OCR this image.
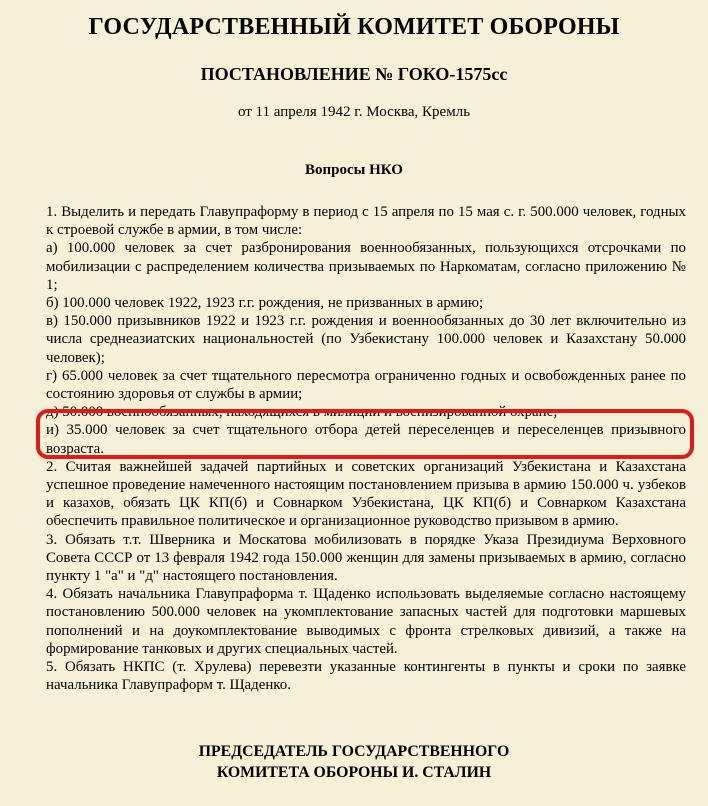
ГОСУДАРСТВЕННЫЙ КОМИТЕТ ОБОРОНЫ
ПОСТАНОВЛЕНИЕ № ГОКО-1575сс
от 11 апреля 1942 г. Москва, Кремль
Вопросы НКО

1. Выделить и передать Главупраформу в период с 15 апреля по 15 мая с. г. 500.000 человек, годных к строевой службе в армии, в том числе:

а) 100.000 человек за счет разбронирования военнообязанных, пользующихся отсрочками по мобилизации с распределением количества призываемых по Наркоматам, согласно приложению № 1;

б) 100.000 человек 1922, 1923 г.г. рождения, не призванных в армию;

в) 150.000 призывников 1922 и 1923 г.г. рождения и военнообязанных до 30 лет включительно из числа среднеазиатских национальностей (по Узбекистану 100.000 человек и Казахстану 50.000 человек);

г) 65.000 человек за счет тщательного пересмотра ограниченно годных и освобожденных ранее по состоянию здоровья от службы в армии;

д) 50.000 военнообязанных, находящихся в милиции и военизированной охране;

и) 35.000 человек за счет тщательного отбора детей переселенцев и переселенцев призывного возраста.

2. Считая важнейшей задачей партийных и советских организаций Узбекистана и Казахстана успешное проведение намеченного настоящим постановлением призыва в армию 150.000 ч. узбеков и казахов, обязать ЦК КП(б) и Совнарком Узбекистана, ЦК КП(б) и Совнарком Казахстана обеспечить правильное политическое и организационное руководство призывом в армию.

3. Обязать т.т. Шверника и Москатова мобилизовать в порядке Указа Президиума Верховного Совета СССР от 13 февраля 1942 года 150.000 женщин для замены призываемых в армию, согласно пункту 1 "а" и "д" настоящего постановления.

4. Обязать начальника Главупраформа т. Щаденко использовать выделяемые согласно настоящему постановлению 500.000 человек на укомплектование запасных частей для подготовки маршевых пополнений и на доукомплектование выводимых с фронта стрелковых дивизий, а также на формирование танковых и других специальных частей.

5. Обязать НКПС (т. Хрулева) перевезти указанные контингенты в пункты и сроки по заявке начальника Главупраформ т. Щаденко.

ПРЕДСЕДАТЕЛЬ ГОСУДАРСТВЕННОГО
КОМИТЕТА ОБОРОНЫ И. СТАЛИН
